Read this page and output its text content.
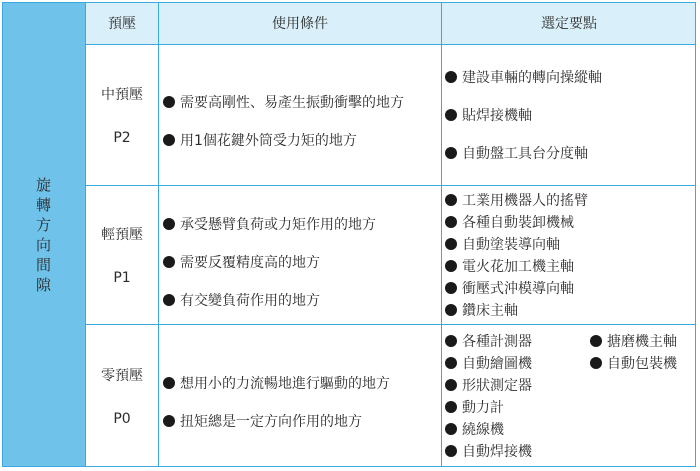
旋轉方向間隙
預壓	使用條件	選定要點
中預壓
P2
需要高剛性、易產生振動衝擊的地方
用1個花鍵外筒受力矩的地方
建設車輛的轉向操縱軸
貼焊接機軸
自動盤工具台分度軸
輕預壓
P1
承受懸臂負荷或力矩作用的地方
需要反覆精度高的地方
有交變負荷作用的地方
工業用機器人的搖臂
各種自動裝卸機械
自動塗裝導向軸
電火花加工機主軸
衝壓式沖模導向軸
鑽床主軸
零預壓
P0
想用小的力流暢地進行驅動的地方
扭矩總是一定方向作用的地方
各種計測器
自動繪圖機
形狀測定器
動力計
繞線機
自動焊接機
搪磨機主軸
自動包裝機
